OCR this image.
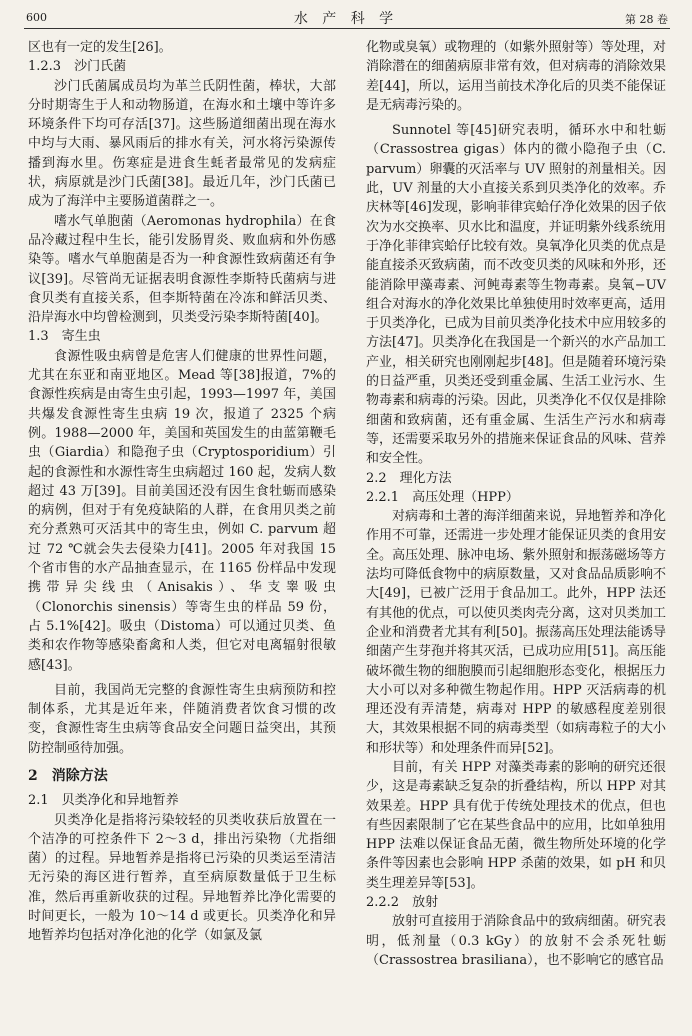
600	水 产 科 学	第 28 卷

区也有一定的发生[26]。

1.2.3　沙门氏菌

沙门氏菌属成员均为革兰氏阴性菌，棒状，大部分时期寄生于人和动物肠道，在海水和土壤中等许多环境条件下均可存活[37]。这些肠道细菌出现在海水中均与大雨、暴风雨后的排水有关，河水将污染源传播到海水里。伤寒症是进食生蚝者最常见的发病症状，病原就是沙门氏菌[38]。最近几年，沙门氏菌已成为了海洋中主要肠道菌群之一。

嗜水气单胞菌（Aeromonas hydrophila）在食品冷藏过程中生长，能引发肠胃炎、败血病和外伤感染等。嗜水气单胞菌是否为一种食源性致病菌还有争议[39]。尽管尚无证据表明食源性李斯特氏菌病与进食贝类有直接关系，但李斯特菌在冷冻和鲜活贝类、沿岸海水中均曾检测到，贝类受污染李斯特菌[40]。

1.3　寄生虫

食源性吸虫病曾是危害人们健康的世界性问题，尤其在东亚和南亚地区。Mead 等[38]报道，7%的食源性疾病是由寄生虫引起，1993—1997 年，美国共爆发食源性寄生虫病 19 次，报道了 2325 个病例。1988—2000 年，美国和英国发生的由蓝第鞭毛虫（Giardia）和隐孢子虫（Cryptosporidium）引起的食源性和水源性寄生虫病超过 160 起，发病人数超过 43 万[39]。目前美国还没有因生食牡蛎而感染的病例，但对于有免疫缺陷的人群，在食用贝类之前充分煮熟可灭活其中的寄生虫，例如 C. parvum 超过 72 ℃就会失去侵染力[41]。2005 年对我国 15 个省市售的水产品抽查显示，在 1165 份样品中发现携带异尖线虫（Anisakis）、华支睾吸虫（Clonorchis sinensis）等寄生虫的样品 59 份，占 5.1%[42]。吸虫（Distoma）可以通过贝类、鱼类和农作物等感染畜禽和人类，但它对电离辐射很敏感[43]。

目前，我国尚无完整的食源性寄生虫病预防和控制体系，尤其是近年来，伴随消费者饮食习惯的改变，食源性寄生虫病等食品安全问题日益突出，其预防控制亟待加强。

2　消除方法
2.1　贝类净化和异地暂养

贝类净化是指将污染较轻的贝类收获后放置在一个洁净的可控条件下 2～3 d，排出污染物（尤指细菌）的过程。异地暂养是指将已污染的贝类运至清洁无污染的海区进行暂养，直至病原数量低于卫生标准，然后再重新收获的过程。异地暂养比净化需要的时间更长，一般为 10～14 d 或更长。贝类净化和异地暂养均包括对净化池的化学（如氯及氯

化物或臭氧）或物理的（如紫外照射等）等处理，对消除潜在的细菌病原非常有效，但对病毒的消除效果差[44]，所以，运用当前技术净化后的贝类不能保证是无病毒污染的。

Sunnotel 等[45]研究表明，循环水中和牡蛎（Crassostrea gigas）体内的微小隐孢子虫（C. parvum）卵囊的灭活率与 UV 照射的剂量相关。因此，UV 剂量的大小直接关系到贝类净化的效率。乔庆林等[46]发现，影响菲律宾蛤仔净化效果的因子依次为水交换率、贝水比和温度，并证明紫外线系统用于净化菲律宾蛤仔比较有效。臭氧净化贝类的优点是能直接杀灭致病菌，而不改变贝类的风味和外形，还能消除甲藻毒素、河鲀毒素等生物毒素。臭氧−UV 组合对海水的净化效果比单独使用时效率更高，适用于贝类净化，已成为目前贝类净化技术中应用较多的方法[47]。贝类净化在我国是一个新兴的水产品加工产业，相关研究也刚刚起步[48]。但是随着环境污染的日益严重，贝类还受到重金属、生活工业污水、生物毒素和病毒的污染。因此，贝类净化不仅仅是排除细菌和致病菌，还有重金属、生活生产污水和病毒等，还需要采取另外的措施来保证食品的风味、营养和安全性。

2.2　理化方法
2.2.1　高压处理（HPP）

对病毒和土著的海洋细菌来说，异地暂养和净化作用不可靠，还需进一步处理才能保证贝类的食用安全。高压处理、脉冲电场、紫外照射和振荡磁场等方法均可降低食物中的病原数量，又对食品品质影响不大[49]，已被广泛用于食品加工。此外，HPP 法还有其他的优点，可以使贝类肉壳分离，这对贝类加工企业和消费者尤其有利[50]。振荡高压处理法能诱导细菌产生芽孢并将其灭活，已成功应用[51]。高压能破坏微生物的细胞膜而引起细胞形态变化，根据压力大小可以对多种微生物起作用。HPP 灭活病毒的机理还没有弄清楚，病毒对 HPP 的敏感程度差别很大，其效果根据不同的病毒类型（如病毒粒子的大小和形状等）和处理条件而异[52]。

目前，有关 HPP 对藻类毒素的影响的研究还很少，这是毒素缺乏复杂的折叠结构，所以 HPP 对其效果差。HPP 具有优于传统处理技术的优点，但也有些因素限制了它在某些食品中的应用，比如单独用 HPP 法难以保证食品无菌，微生物所处环境的化学条件等因素也会影响 HPP 杀菌的效果，如 pH 和贝类生理差异等[53]。

2.2.2　放射

放射可直接用于消除食品中的致病细菌。研究表明，低剂量（0.3 kGy）的放射不会杀死牡蛎（Crassostrea brasiliana），也不影响它的感官品
